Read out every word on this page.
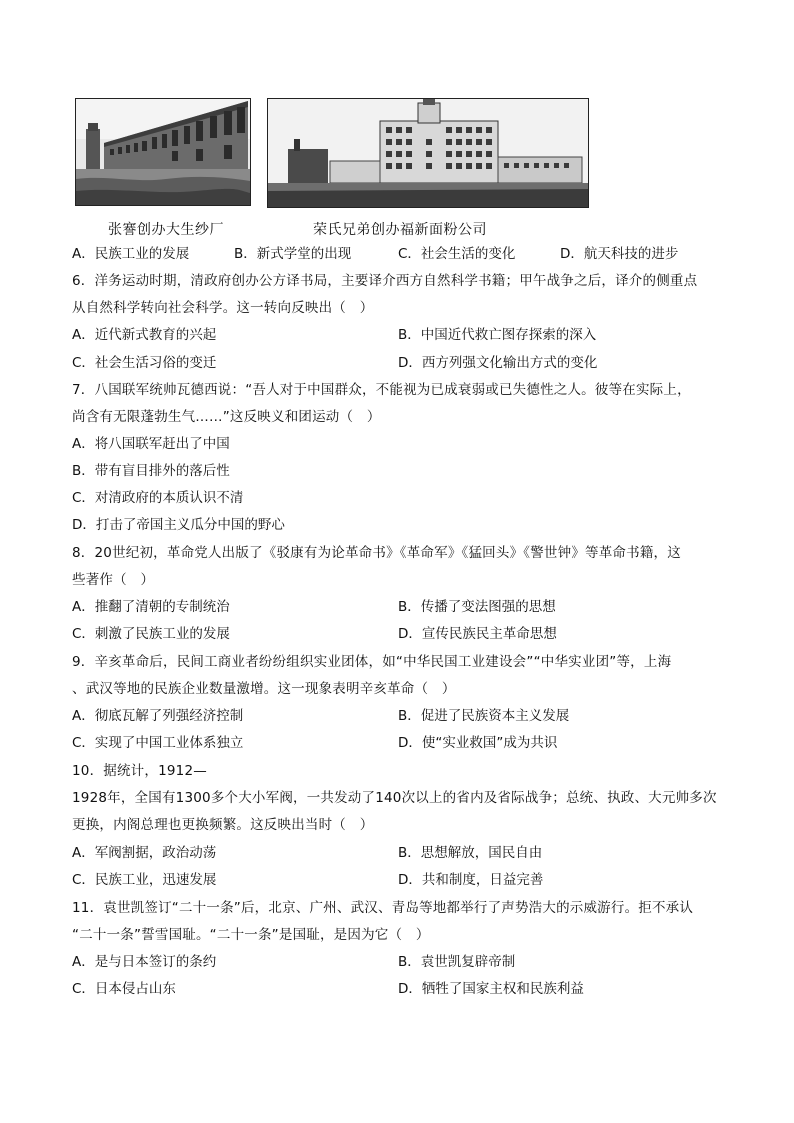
张謇创办大生纱厂	荣氏兄弟创办福新面粉公司
A．民族工业的发展	B．新式学堂的出现	C．社会生活的变化	D．航天科技的进步
6．洋务运动时期，清政府创办公方译书局，主要译介西方自然科学书籍；甲午战争之后，译介的侧重点
从自然科学转向社会科学。这一转向反映出（　）
A．近代新式教育的兴起	B．中国近代救亡图存探索的深入
C．社会生活习俗的变迁	D．西方列强文化输出方式的变化
7．八国联军统帅瓦德西说：“吾人对于中国群众，不能视为已成衰弱或已失德性之人。彼等在实际上，
尚含有无限蓬勃生气……”这反映义和团运动（　）
A．将八国联军赶出了中国
B．带有盲目排外的落后性
C．对清政府的本质认识不清
D．打击了帝国主义瓜分中国的野心
8．20世纪初，革命党人出版了《驳康有为论革命书》《革命军》《猛回头》《警世钟》等革命书籍，这
些著作（　）
A．推翻了清朝的专制统治	B．传播了变法图强的思想
C．刺激了民族工业的发展	D．宣传民族民主革命思想
9．辛亥革命后，民间工商业者纷纷组织实业团体，如“中华民国工业建设会”“中华实业团”等，上海
、武汉等地的民族企业数量激增。这一现象表明辛亥革命（　）
A．彻底瓦解了列强经济控制	B．促进了民族资本主义发展
C．实现了中国工业体系独立	D．使“实业救国”成为共识
10．据统计，1912—
1928年，全国有1300多个大小军阀，一共发动了140次以上的省内及省际战争；总统、执政、大元帅多次
更换，内阁总理也更换频繁。这反映出当时（　）
A．军阀割据，政治动荡	B．思想解放，国民自由
C．民族工业，迅速发展	D．共和制度，日益完善
11．袁世凯签订“二十一条”后，北京、广州、武汉、青岛等地都举行了声势浩大的示威游行。拒不承认
“二十一条”誓雪国耻。“二十一条”是国耻，是因为它（　）
A．是与日本签订的条约	B．袁世凯复辟帝制
C．日本侵占山东	D．牺牲了国家主权和民族利益
